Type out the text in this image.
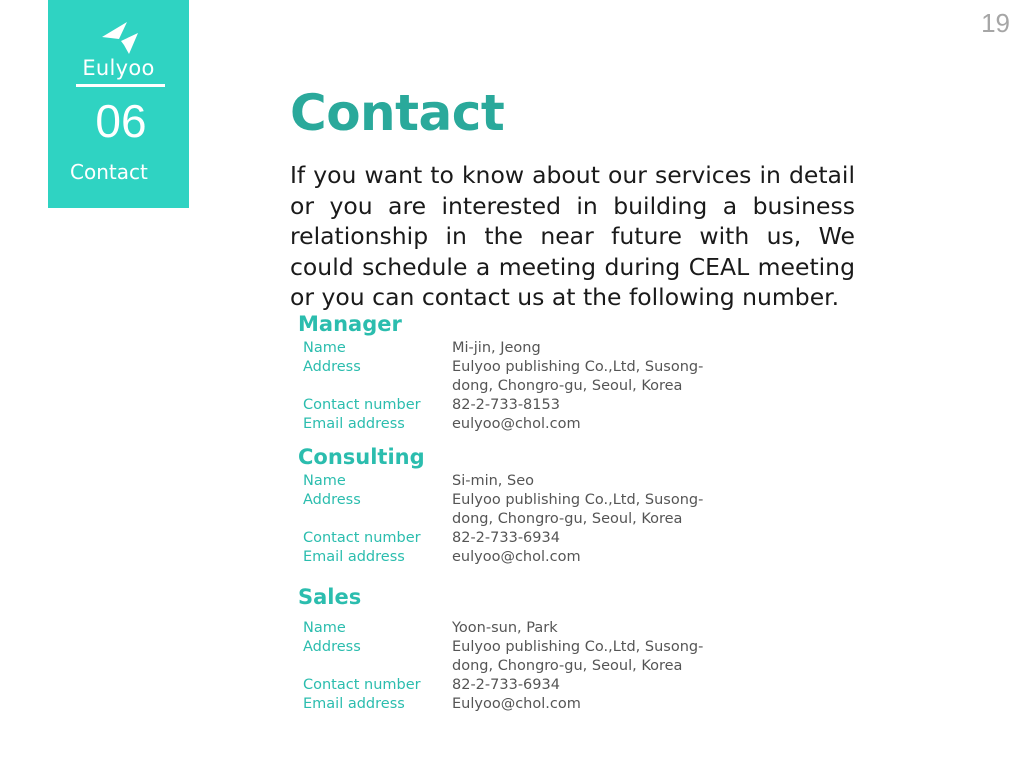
19
Eulyoo
06
Contact
Contact

If you want to know about our services in detail or you are interested in building a business relationship in the near future with us, We could schedule a meeting during CEAL meeting or you can contact us at the following number.

Manager
Name	Mi-jin, Jeong
Address	Eulyoo publishing Co.,Ltd, Susong-dong, Chongro-gu, Seoul, Korea
Contact number	82-2-733-8153
Email address	eulyoo@chol.com
Consulting
Name	Si-min, Seo
Address	Eulyoo publishing Co.,Ltd, Susong-dong, Chongro-gu, Seoul, Korea
Contact number	82-2-733-6934
Email address	eulyoo@chol.com
Sales
Name	Yoon-sun, Park
Address	Eulyoo publishing Co.,Ltd, Susong-dong, Chongro-gu, Seoul, Korea
Contact number	82-2-733-6934
Email address	Eulyoo@chol.com
